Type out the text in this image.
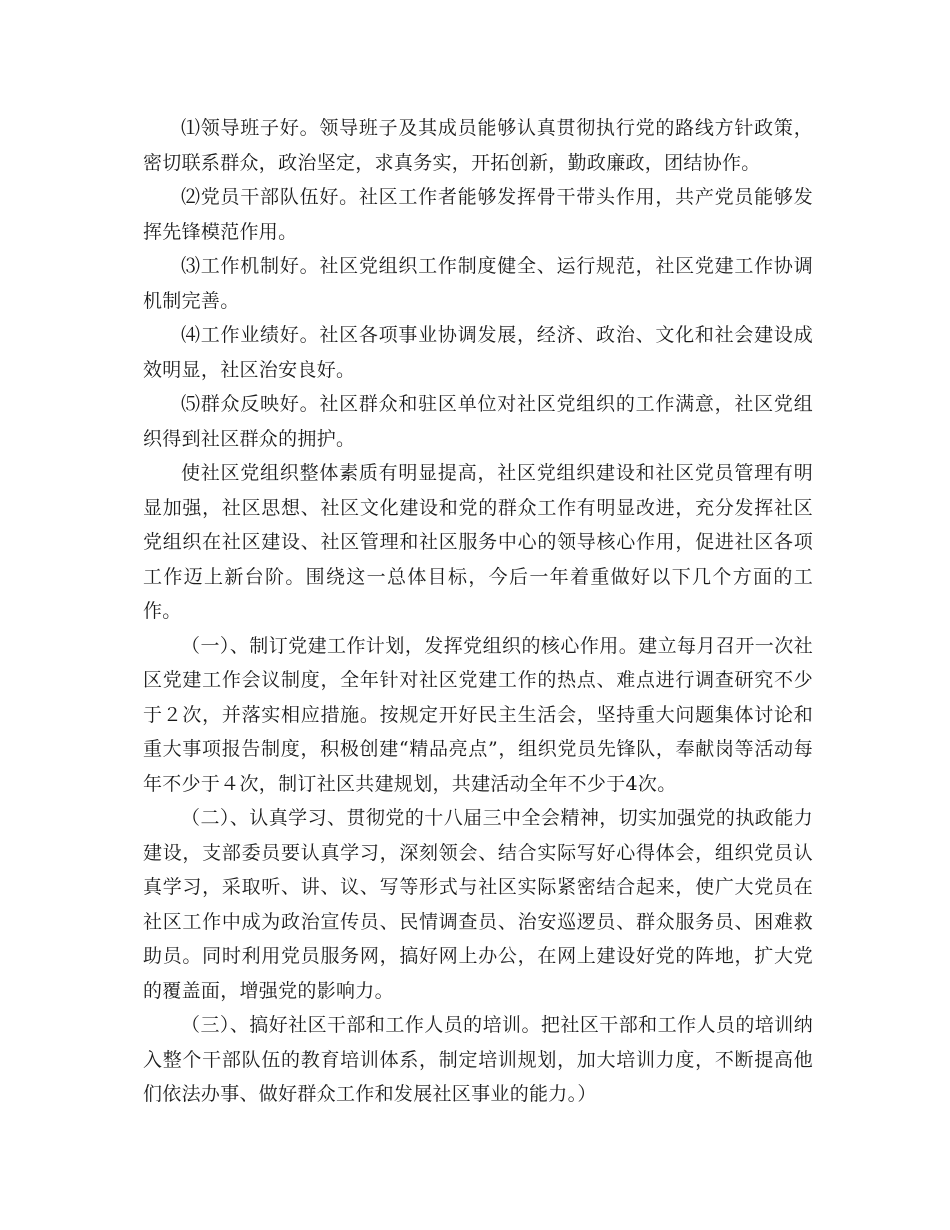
⑴领导班子好。领导班子及其成员能够认真贯彻执行党的路线方针政策，密切联系群众，政治坚定，求真务实，开拓创新，勤政廉政，团结协作。

⑵党员干部队伍好。社区工作者能够发挥骨干带头作用，共产党员能够发挥先锋模范作用。

⑶工作机制好。社区党组织工作制度健全、运行规范，社区党建工作协调机制完善。

⑷工作业绩好。社区各项事业协调发展，经济、政治、文化和社会建设成效明显，社区治安良好。

⑸群众反映好。社区群众和驻区单位对社区党组织的工作满意，社区党组织得到社区群众的拥护。

使社区党组织整体素质有明显提高，社区党组织建设和社区党员管理有明显加强，社区思想、社区文化建设和党的群众工作有明显改进，充分发挥社区党组织在社区建设、社区管理和社区服务中心的领导核心作用，促进社区各项工作迈上新台阶。围绕这一总体目标，今后一年着重做好以下几个方面的工作。

（一）、制订党建工作计划，发挥党组织的核心作用。建立每月召开一次社区党建工作会议制度，全年针对社区党建工作的热点、难点进行调查研究不少于２次，并落实相应措施。按规定开好民主生活会，坚持重大问题集体讨论和重大事项报告制度，积极创建“精品亮点”，组织党员先锋队，奉献岗等活动每年不少于４次，制订社区共建规划，共建活动全年不少于4次。

（二）、认真学习、贯彻党的十八届三中全会精神，切实加强党的执政能力建设，支部委员要认真学习，深刻领会、结合实际写好心得体会，组织党员认真学习，采取听、讲、议、写等形式与社区实际紧密结合起来，使广大党员在社区工作中成为政治宣传员、民情调查员、治安巡逻员、群众服务员、困难救助员。同时利用党员服务网，搞好网上办公，在网上建设好党的阵地，扩大党的覆盖面，增强党的影响力。

（三）、搞好社区干部和工作人员的培训。把社区干部和工作人员的培训纳入整个干部队伍的教育培训体系，制定培训规划，加大培训力度，不断提高他们依法办事、做好群众工作和发展社区事业的能力。）
